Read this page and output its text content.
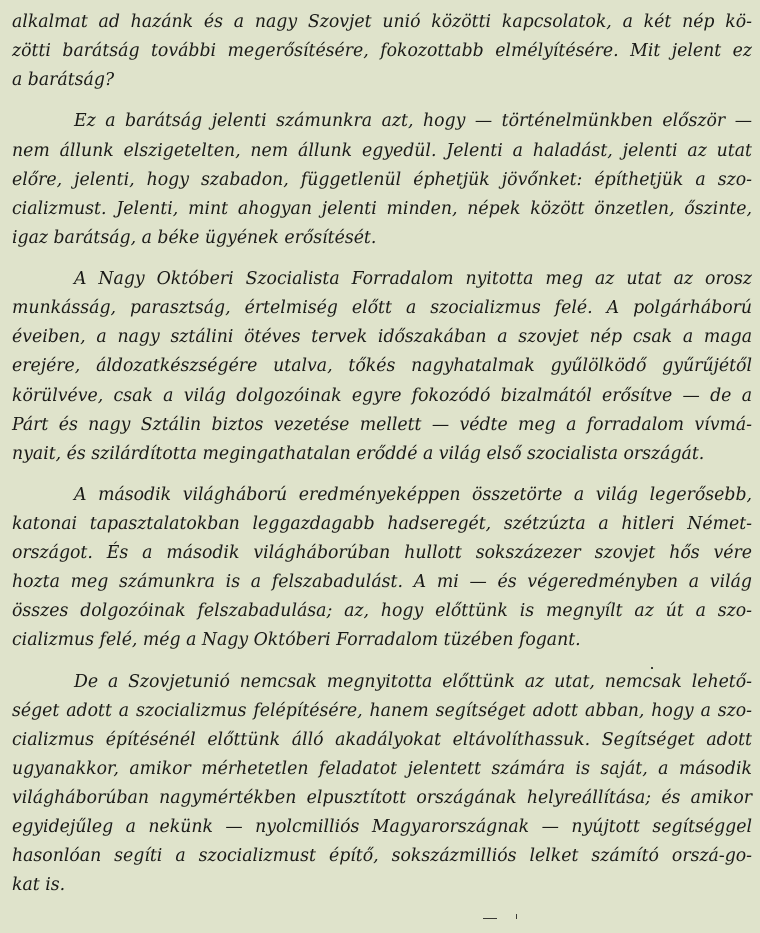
alkalmat ad hazánk és a nagy Szovjet unió közötti kapcsolatok, a két nép kö-
zötti barátság további megerősítésére, fokozottabb elmélyítésére. Mit jelent ez
a barátság?

Ez a barátság jelenti számunkra azt, hogy — történelmünkben először —
nem állunk elszigetelten, nem állunk egyedül. Jelenti a haladást, jelenti az utat
előre, jelenti, hogy szabadon, függetlenül éphetjük jövőnket: építhetjük a szo-
cializmust. Jelenti, mint ahogyan jelenti minden, népek között önzetlen, őszinte,
igaz barátság, a béke ügyének erősítését.

A Nagy Októberi Szocialista Forradalom nyitotta meg az utat az orosz
munkásság, parasztság, értelmiség előtt a szocializmus felé. A polgárháború
éveiben, a nagy sztálini ötéves tervek időszakában a szovjet nép csak a maga
erejére, áldozatkészségére utalva, tőkés nagyhatalmak gyűlölködő gyűrűjétől
körülvéve, csak a világ dolgozóinak egyre fokozódó bizalmától erősítve — de a
Párt és nagy Sztálin biztos vezetése mellett — védte meg a forradalom vívmá-
nyait, és szilárdította megingathatalan erőddé a világ első szocialista országát.

A második világháború eredményeképpen összetörte a világ legerősebb,
katonai tapasztalatokban leggazdagabb hadseregét, szétzúzta a hitleri Német-
országot. És a második világháborúban hullott sokszázezer szovjet hős vére
hozta meg számunkra is a felszabadulást. A mi — és végeredményben a világ
összes dolgozóinak felszabadulása; az, hogy előttünk is megnyílt az út a szo-
cializmus felé, még a Nagy Októberi Forradalom tüzében fogant.

De a Szovjetunió nemcsak megnyitotta előttünk az utat, nemcsak lehető-
séget adott a szocializmus felépítésére, hanem segítséget adott abban, hogy a szo-
cializmus építésénél előttünk álló akadályokat eltávolíthassuk. Segítséget adott
ugyanakkor, amikor mérhetetlen feladatot jelentett számára is saját, a második
világháborúban nagymértékben elpusztított országának helyreállítása; és amikor
egyidejűleg a nekünk — nyolcmilliós Magyarországnak — nyújtott segítséggel
hasonlóan segíti a szocializmust építő, sokszázmilliós lelket számító orszá-go-
kat is.
